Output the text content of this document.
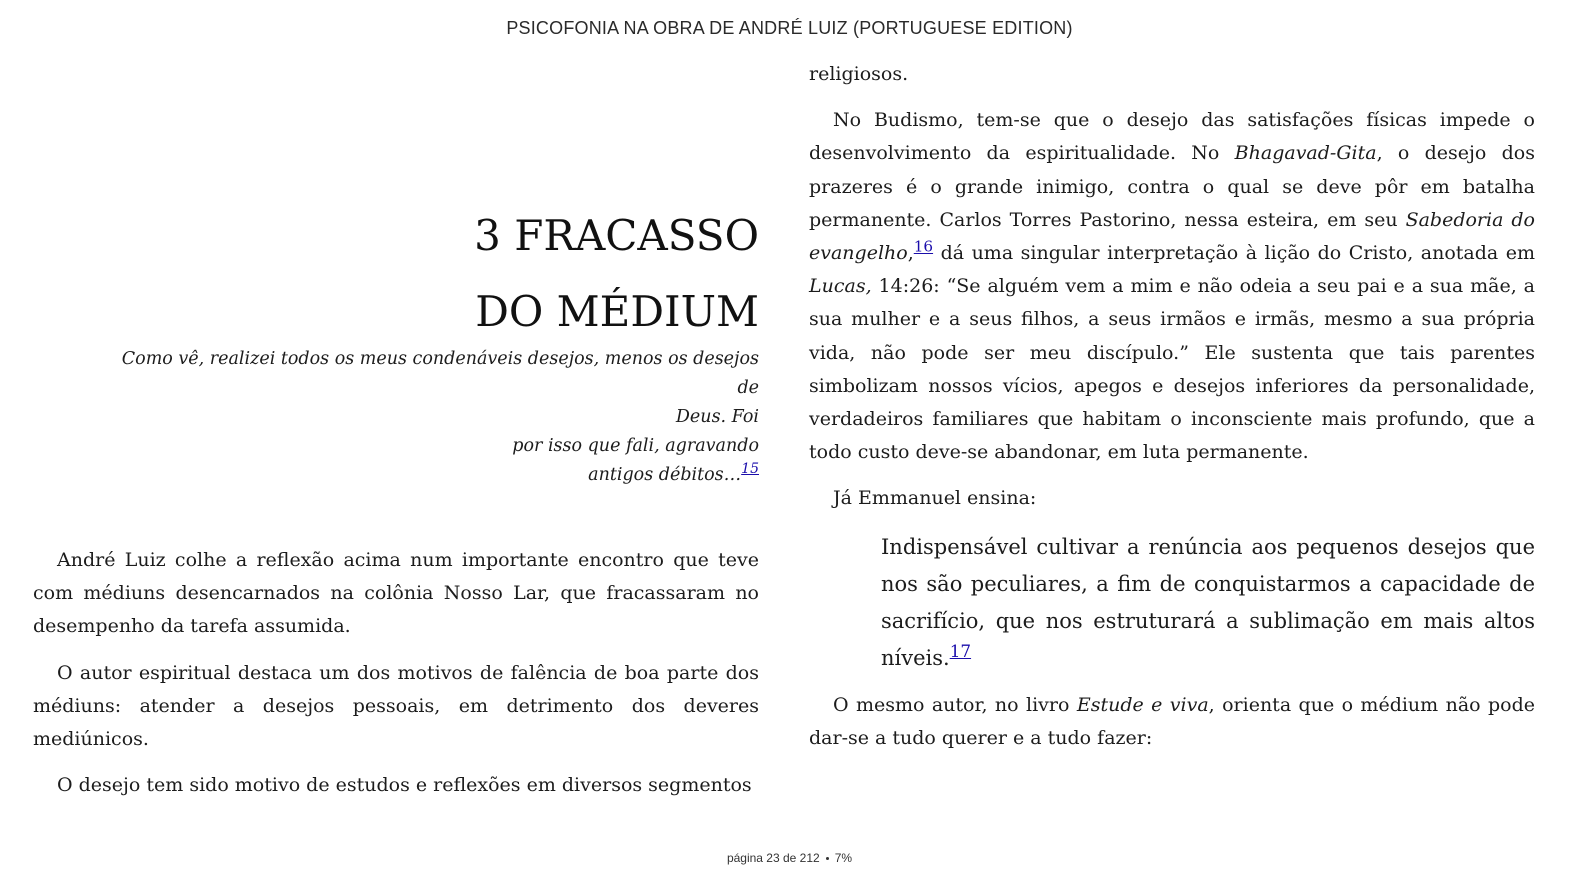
PSICOFONIA NA OBRA DE ANDRÉ LUIZ (PORTUGUESE EDITION)
3 FRACASSO
DO MÉDIUM
Como vê, realizei todos os meus condenáveis desejos, menos os desejos de
Deus. Foi
por isso que fali, agravando
antigos débitos…$^{15}$

André Luiz colhe a reflexão acima num importante encontro que teve com médiuns desencarnados na colônia Nosso Lar, que fracassaram no desempenho da tarefa assumida.

O autor espiritual destaca um dos motivos de falência de boa parte dos médiuns: atender a desejos pessoais, em detrimento dos deveres mediúnicos.

O desejo tem sido motivo de estudos e reflexões em diversos segmentos

religiosos.

No Budismo, tem-se que o desejo das satisfações físicas impede o desenvolvimento da espiritualidade. No Bhagavad-Gita, o desejo dos prazeres é o grande inimigo, contra o qual se deve pôr em batalha permanente. Carlos Torres Pastorino, nessa esteira, em seu Sabedoria do evangelho,$^{16}$ dá uma singular interpretação à lição do Cristo, anotada em Lucas, 14:26: “Se alguém vem a mim e não odeia a seu pai e a sua mãe, a sua mulher e a seus filhos, a seus irmãos e irmãs, mesmo a sua própria vida, não pode ser meu discípulo.” Ele sustenta que tais parentes simbolizam nossos vícios, apegos e desejos inferiores da personalidade, verdadeiros familiares que habitam o inconsciente mais profundo, que a todo custo deve-se abandonar, em luta permanente.

Já Emmanuel ensina:

Indispensável cultivar a renúncia aos pequenos desejos que nos são peculiares, a fim de conquistarmos a capacidade de sacrifício, que nos estruturará a sublimação em mais altos níveis.$^{17}$

O mesmo autor, no livro Estude e viva, orienta que o médium não pode dar-se a tudo querer e a tudo fazer:

página 23 de 212 7%
